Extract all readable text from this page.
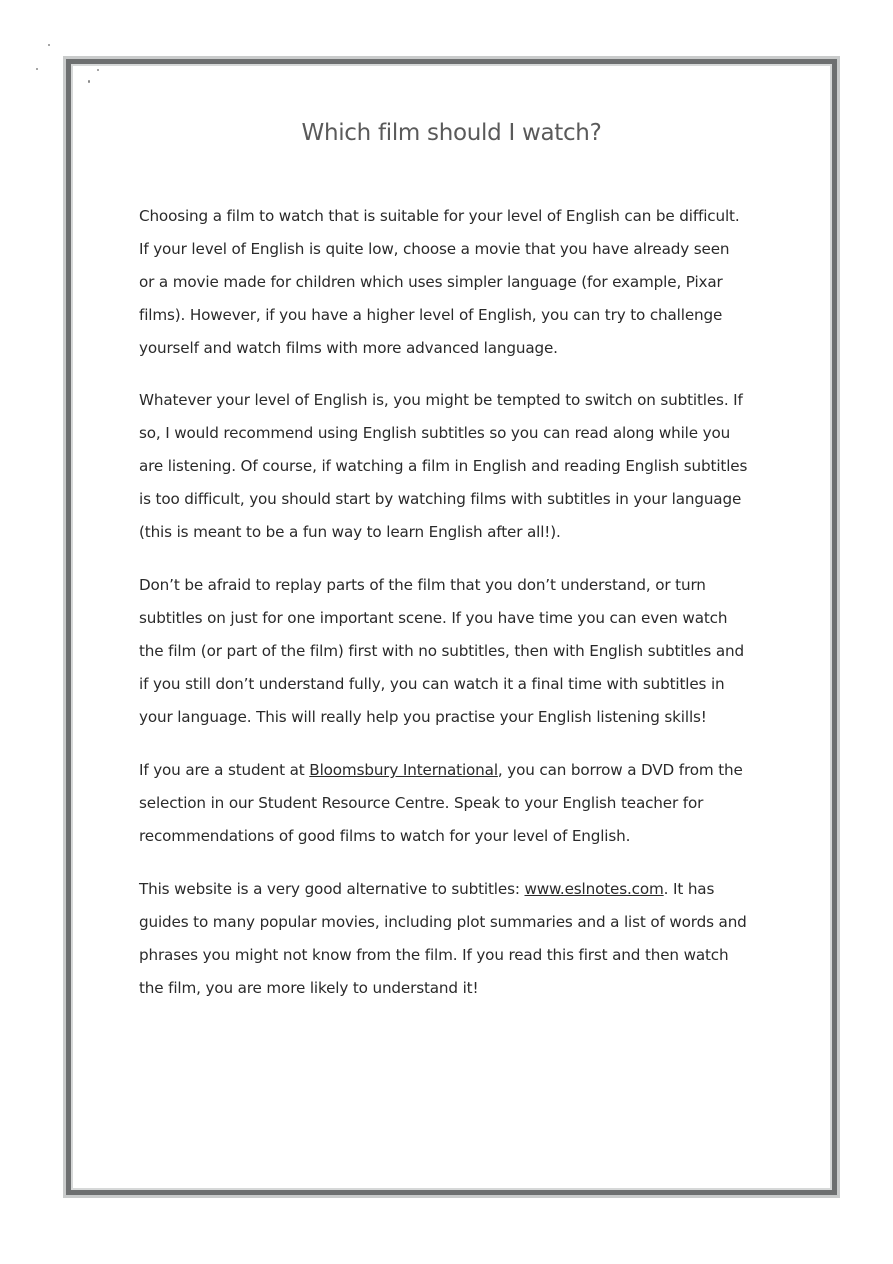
Which film should I watch?

Choosing a film to watch that is suitable for your level of English can be difficult. If your level of English is quite low, choose a movie that you have already seen or a movie made for children which uses simpler language (for example, Pixar films). However, if you have a higher level of English, you can try to challenge yourself and watch films with more advanced language.

Whatever your level of English is, you might be tempted to switch on subtitles. If so, I would recommend using English subtitles so you can read along while you are listening. Of course, if watching a film in English and reading English subtitles is too difficult, you should start by watching films with subtitles in your language (this is meant to be a fun way to learn English after all!).

Don’t be afraid to replay parts of the film that you don’t understand, or turn subtitles on just for one important scene. If you have time you can even watch the film (or part of the film) first with no subtitles, then with English subtitles and if you still don’t understand fully, you can watch it a final time with subtitles in your language. This will really help you practise your English listening skills!

If you are a student at Bloomsbury International, you can borrow a DVD from the selection in our Student Resource Centre. Speak to your English teacher for recommendations of good films to watch for your level of English.

This website is a very good alternative to subtitles: www.eslnotes.com. It has guides to many popular movies, including plot summaries and a list of words and phrases you might not know from the film. If you read this first and then watch the film, you are more likely to understand it!
